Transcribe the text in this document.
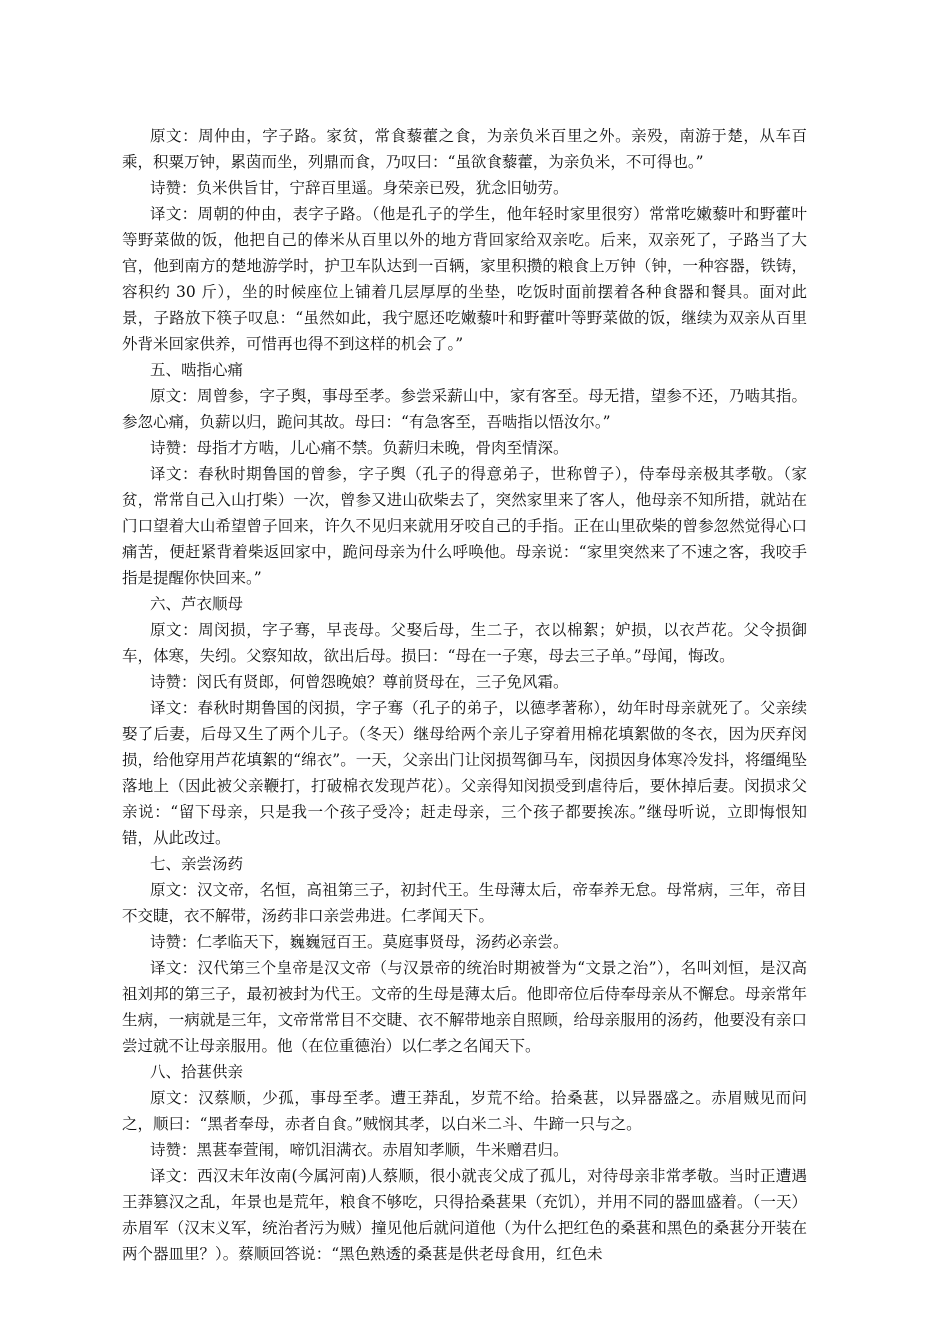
原文：周仲由，字子路。家贫，常食藜藿之食，为亲负米百里之外。亲殁，南游于楚，从车百乘，积粟万钟，累茵而坐，列鼎而食，乃叹曰：“虽欲食藜藿，为亲负米，不可得也。”

诗赞：负米供旨甘，宁辞百里遥。身荣亲已殁，犹念旧劬劳。

译文：周朝的仲由，表字子路。（他是孔子的学生，他年轻时家里很穷）常常吃嫩藜叶和野藿叶等野菜做的饭，他把自己的俸米从百里以外的地方背回家给双亲吃。后来，双亲死了，子路当了大官，他到南方的楚地游学时，护卫车队达到一百辆，家里积攒的粮食上万钟（钟，一种容器，铁铸，容积约 30 斤），坐的时候座位上铺着几层厚厚的坐垫，吃饭时面前摆着各种食器和餐具。面对此景，子路放下筷子叹息：“虽然如此，我宁愿还吃嫩藜叶和野藿叶等野菜做的饭，继续为双亲从百里外背米回家供养，可惜再也得不到这样的机会了。”

五、啮指心痛

原文：周曾参，字子舆，事母至孝。参尝采薪山中，家有客至。母无措，望参不还，乃啮其指。参忽心痛，负薪以归，跪问其故。母曰：“有急客至，吾啮指以悟汝尔。”

诗赞：母指才方啮，儿心痛不禁。负薪归未晚，骨肉至情深。

译文：春秋时期鲁国的曾参，字子舆（孔子的得意弟子，世称曾子），侍奉母亲极其孝敬。（家贫，常常自己入山打柴）一次，曾参又进山砍柴去了，突然家里来了客人，他母亲不知所措，就站在门口望着大山希望曾子回来，许久不见归来就用牙咬自己的手指。正在山里砍柴的曾参忽然觉得心口痛苦，便赶紧背着柴返回家中，跪问母亲为什么呼唤他。母亲说：“家里突然来了不速之客，我咬手指是提醒你快回来。”

六、芦衣顺母

原文：周闵损，字子骞，早丧母。父娶后母，生二子，衣以棉絮；妒损，以衣芦花。父令损御车，体寒，失纼。父察知故，欲出后母。损曰：“母在一子寒，母去三子单。”母闻，悔改。

诗赞：闵氏有贤郎，何曾怨晚娘？尊前贤母在，三子免风霜。

译文：春秋时期鲁国的闵损，字子骞（孔子的弟子，以德孝著称），幼年时母亲就死了。父亲续娶了后妻，后母又生了两个儿子。（冬天）继母给两个亲儿子穿着用棉花填絮做的冬衣，因为厌弃闵损，给他穿用芦花填絮的“绵衣”。一天，父亲出门让闵损驾御马车，闵损因身体寒冷发抖，将缰绳坠落地上（因此被父亲鞭打，打破棉衣发现芦花）。父亲得知闵损受到虐待后，要休掉后妻。闵损求父亲说：“留下母亲，只是我一个孩子受冷；赶走母亲，三个孩子都要挨冻。”继母听说，立即悔恨知错，从此改过。

七、亲尝汤药

原文：汉文帝，名恒，高祖第三子，初封代王。生母薄太后，帝奉养无怠。母常病，三年，帝目不交睫，衣不解带，汤药非口亲尝弗进。仁孝闻天下。

诗赞：仁孝临天下，巍巍冠百王。莫庭事贤母，汤药必亲尝。

译文：汉代第三个皇帝是汉文帝（与汉景帝的统治时期被誉为“文景之治”），名叫刘恒，是汉高祖刘邦的第三子，最初被封为代王。文帝的生母是薄太后。他即帝位后侍奉母亲从不懈怠。母亲常年生病，一病就是三年，文帝常常目不交睫、衣不解带地亲自照顾，给母亲服用的汤药，他要没有亲口尝过就不让母亲服用。他（在位重德治）以仁孝之名闻天下。

八、拾葚供亲

原文：汉蔡顺，少孤，事母至孝。遭王莽乱，岁荒不给。拾桑葚，以异器盛之。赤眉贼见而问之，顺曰：“黑者奉母，赤者自食。”贼悯其孝，以白米二斗、牛蹄一只与之。

诗赞：黑葚奉萱闱，啼饥泪满衣。赤眉知孝顺，牛米赠君归。

译文：西汉末年汝南(今属河南)人蔡顺，很小就丧父成了孤儿，对待母亲非常孝敬。当时正遭遇王莽篡汉之乱，年景也是荒年，粮食不够吃，只得拾桑葚果（充饥），并用不同的器皿盛着。（一天）赤眉军（汉末义军，统治者污为贼）撞见他后就问道他（为什么把红色的桑葚和黑色的桑葚分开装在两个器皿里？）。蔡顺回答说：“黑色熟透的桑葚是供老母食用，红色未
